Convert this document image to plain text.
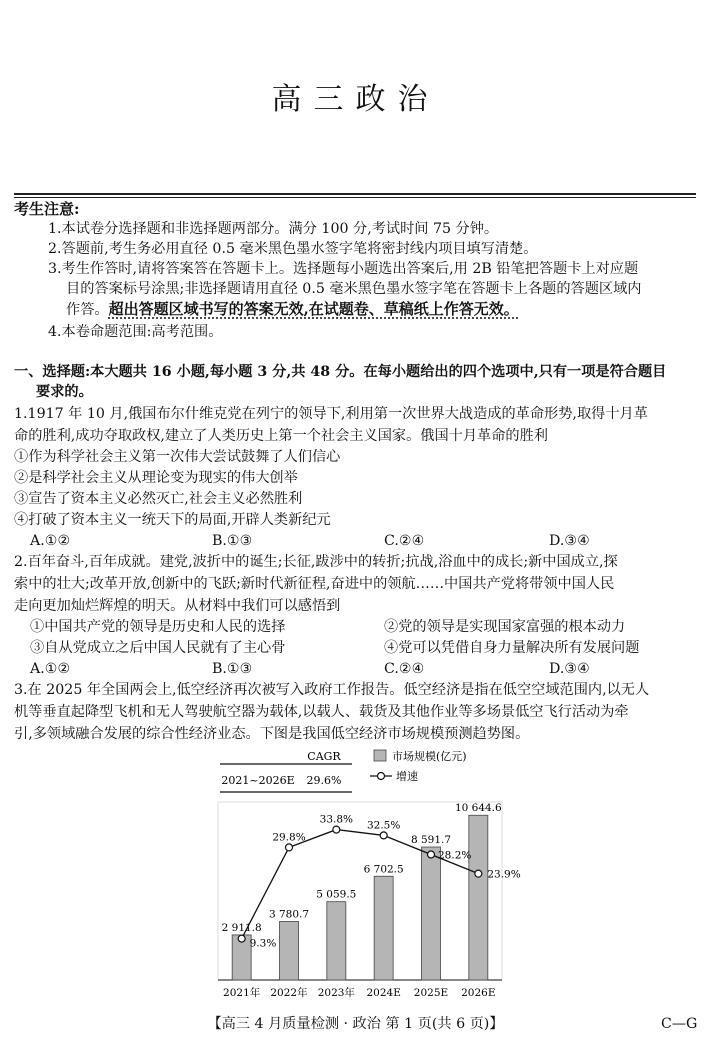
高三政治
考生注意:
1.本试卷分选择题和非选择题两部分。满分 100 分,考试时间 75 分钟。
2.答题前,考生务必用直径 0.5 毫米黑色墨水签字笔将密封线内项目填写清楚。
3.考生作答时,请将答案答在答题卡上。选择题每小题选出答案后,用 2B 铅笔把答题卡上对应题
目的答案标号涂黑;非选择题请用直径 0.5 毫米黑色墨水签字笔在答题卡上各题的答题区域内
作答。超出答题区域书写的答案无效,在试题卷、草稿纸上作答无效。
4.本卷命题范围:高考范围。
一、选择题:本大题共 16 小题,每小题 3 分,共 48 分。在每小题给出的四个选项中,只有一项是符合题目
要求的。
1.1917 年 10 月,俄国布尔什维克党在列宁的领导下,利用第一次世界大战造成的革命形势,取得十月革
命的胜利,成功夺取政权,建立了人类历史上第一个社会主义国家。俄国十月革命的胜利
①作为科学社会主义第一次伟大尝试鼓舞了人们信心
②是科学社会主义从理论变为现实的伟大创举
③宣告了资本主义必然灭亡,社会主义必然胜利
④打破了资本主义一统天下的局面,开辟人类新纪元
A.①②	B.①③	C.②④	D.③④
2.百年奋斗,百年成就。建党,波折中的诞生;长征,跋涉中的转折;抗战,浴血中的成长;新中国成立,探
索中的壮大;改革开放,创新中的飞跃;新时代新征程,奋进中的领航……中国共产党将带领中国人民
走向更加灿烂辉煌的明天。从材料中我们可以感悟到
①中国共产党的领导是历史和人民的选择	②党的领导是实现国家富强的根本动力
③自从党成立之后中国人民就有了主心骨	④党可以凭借自身力量解决所有发展问题
A.①②	B.①③	C.②④	D.③④
3.在 2025 年全国两会上,低空经济再次被写入政府工作报告。低空经济是指在低空空域范围内,以无人
机等垂直起降型飞机和无人驾驶航空器为载体,以载人、载货及其他作业等多场景低空飞行活动为牵
引,多领域融合发展的综合性经济业态。下图是我国低空经济市场规模预测趋势图。
CAGR
2021~2026E 29.6%
市场规模(亿元)
增速
2 911.8
2021年
3 780.7
2022年
5 059.5
2023年
6 702.5
2024E
8 591.7
2025E
10 644.6
2026E
9.3%
29.8%
33.8% 32.5%
28.2%
23.9%
【高三 4 月质量检测 · 政治 第 1 页(共 6 页)】	C—G
